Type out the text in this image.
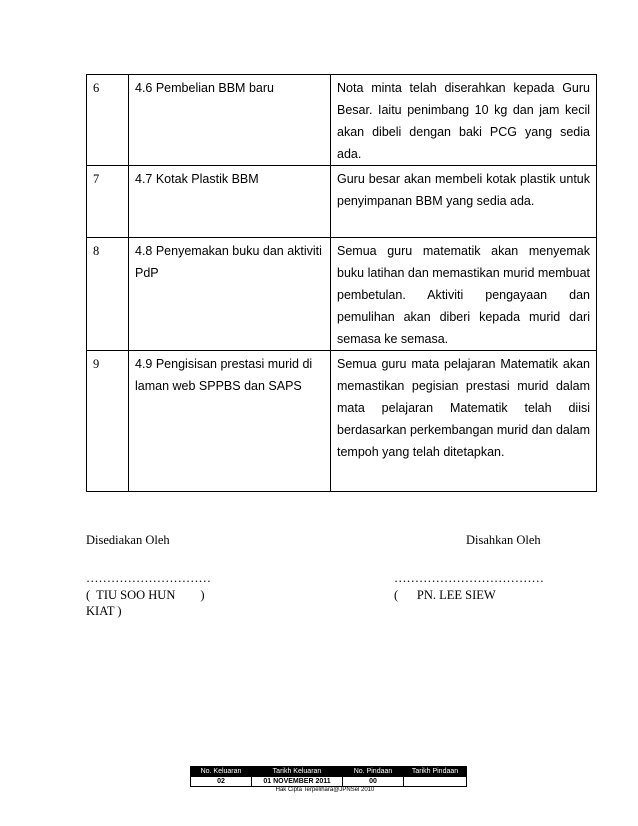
6	4.6 Pembelian BBM baru	Nota minta telah diserahkan kepada Guru Besar. Iaitu penimbang 10 kg dan jam kecil akan dibeli dengan baki PCG yang sedia ada.
7	4.7 Kotak Plastik BBM	Guru besar akan membeli kotak plastik untuk penyimpanan BBM yang sedia ada.
8	4.8 Penyemakan buku dan aktiviti PdP	Semua guru matematik akan menyemak buku latihan dan memastikan murid membuat pembetulan. Aktiviti pengayaan dan pemulihan akan diberi kepada murid dari semasa ke semasa.
9	4.9 Pengisisan prestasi murid di laman web SPPBS dan SAPS	Semua guru mata pelajaran Matematik akan memastikan pegisian prestasi murid dalam mata pelajaran Matematik telah diisi berdasarkan perkembangan murid dan dalam tempoh yang telah ditetapkan.
Disediakan Oleh	Disahkan Oleh
…………………………	………………………………
(  TIU SOO HUN        )
KIAT )
(      PN. LEE SIEW
No. Keluaran	Tarikh Keluaran	No. Pindaan	Tarikh Pindaan
02	01 NOVEMBER 2011	00	
Hak Cipta Terpelihara@JPNSel 2010
